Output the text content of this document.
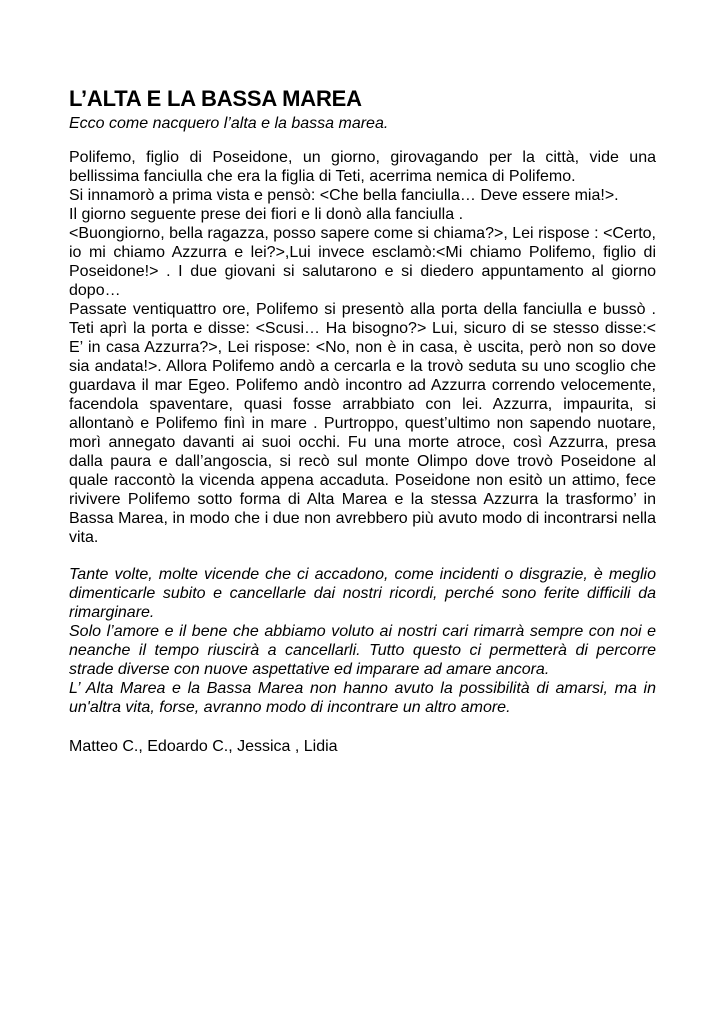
L’ALTA E LA BASSA MAREA

Ecco come nacquero l’alta e la bassa marea.

Polifemo, figlio di Poseidone, un giorno, girovagando per la città, vide una bellissima fanciulla che era la figlia di Teti, acerrima nemica di Polifemo.

Si innamorò a prima vista e pensò: <Che bella fanciulla… Deve essere mia!>.

Il giorno seguente prese dei fiori e li donò alla fanciulla .

<Buongiorno, bella ragazza, posso sapere come si chiama?>, Lei rispose : <Certo, io mi chiamo Azzurra e lei?>,Lui invece esclamò:<Mi chiamo Polifemo, figlio di Poseidone!> . I due giovani si salutarono e si diedero appuntamento al giorno dopo…

Passate ventiquattro ore, Polifemo si presentò alla porta della fanciulla e bussò . Teti aprì la porta e disse: <Scusi… Ha bisogno?> Lui, sicuro di se stesso disse:< E’ in casa Azzurra?>, Lei rispose: <No, non è in casa, è uscita, però non so dove sia andata!>. Allora Polifemo andò a cercarla e la trovò seduta su uno scoglio che guardava il mar Egeo. Polifemo andò incontro ad Azzurra correndo velocemente, facendola spaventare, quasi fosse arrabbiato con lei. Azzurra, impaurita, si allontanò e Polifemo finì in mare . Purtroppo, quest’ultimo non sapendo nuotare, morì annegato davanti ai suoi occhi. Fu una morte atroce, così Azzurra, presa dalla paura e dall’angoscia, si recò sul monte Olimpo dove trovò Poseidone al quale raccontò la vicenda appena accaduta. Poseidone non esitò un attimo, fece rivivere Polifemo sotto forma di Alta Marea e la stessa Azzurra la trasformo’ in Bassa Marea, in modo che i due non avrebbero più avuto modo di incontrarsi nella vita.

Tante volte, molte vicende che ci accadono, come incidenti o disgrazie, è meglio dimenticarle subito e cancellarle dai nostri ricordi, perché sono ferite difficili da rimarginare.

Solo l’amore e il bene che abbiamo voluto ai nostri cari rimarrà sempre con noi e neanche il tempo riuscirà a cancellarli. Tutto questo ci permetterà di percorre strade diverse con nuove aspettative ed imparare ad amare ancora.

L’ Alta Marea e la Bassa Marea non hanno avuto la possibilità di amarsi, ma in un'altra vita, forse, avranno modo di incontrare un altro amore.

Matteo C., Edoardo C., Jessica , Lidia
